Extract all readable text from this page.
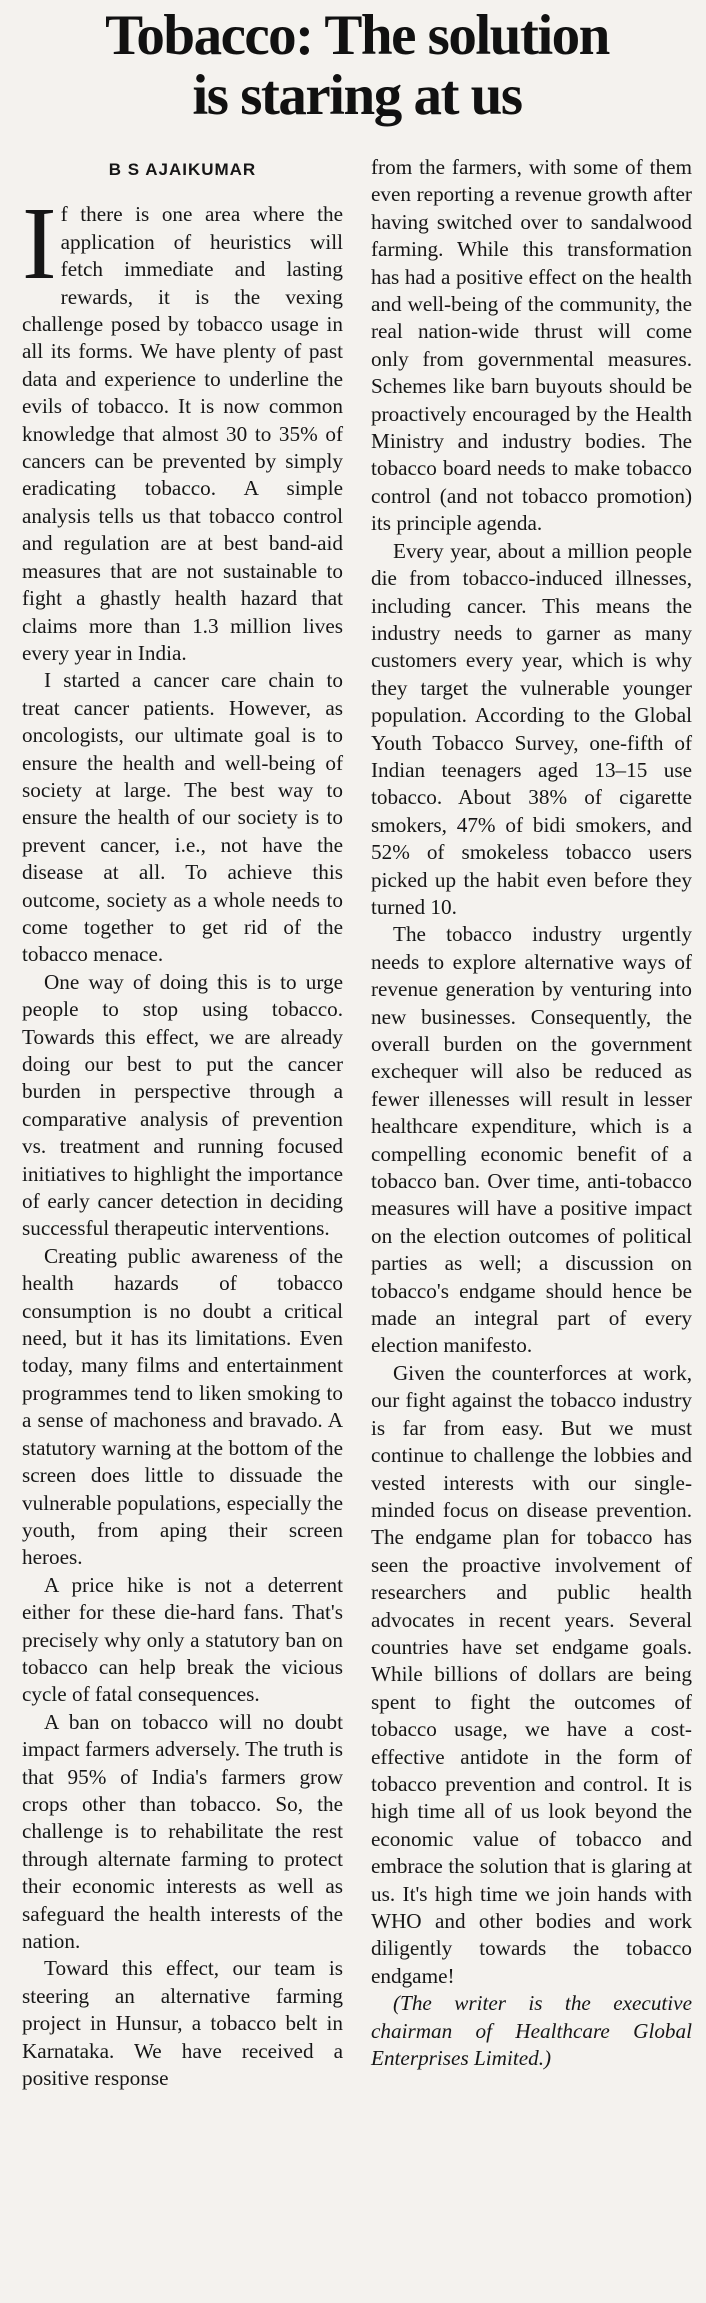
Tobacco: The solution
is staring at us
B S AJAIKUMAR

If there is one area where the application of heuristics will fetch immediate and lasting rewards, it is the vexing challenge posed by tobacco usage in all its forms. We have plenty of past data and experience to underline the evils of tobacco. It is now common knowledge that almost 30 to 35% of cancers can be prevented by simply eradicating tobacco. A simple analysis tells us that tobacco control and regulation are at best band-aid measures that are not sustainable to fight a ghastly health hazard that claims more than 1.3 million lives every year in India.

I started a cancer care chain to treat cancer patients. However, as oncologists, our ultimate goal is to ensure the health and well-being of society at large. The best way to ensure the health of our society is to prevent cancer, i.e., not have the disease at all. To achieve this outcome, society as a whole needs to come together to get rid of the tobacco menace.

One way of doing this is to urge people to stop using tobacco. Towards this effect, we are already doing our best to put the cancer burden in perspective through a comparative analysis of prevention vs. treatment and running focused initiatives to highlight the importance of early cancer detection in deciding successful therapeutic interventions.

Creating public awareness of the health hazards of tobacco consumption is no doubt a critical need, but it has its limitations. Even today, many films and entertainment programmes tend to liken smoking to a sense of machoness and bravado. A statutory warning at the bottom of the screen does little to dissuade the vulnerable populations, especially the youth, from aping their screen heroes.

A price hike is not a deterrent either for these die-hard fans. That's precisely why only a statutory ban on tobacco can help break the vicious cycle of fatal consequences.

A ban on tobacco will no doubt impact farmers adversely. The truth is that 95% of India's farmers grow crops other than tobacco. So, the challenge is to rehabilitate the rest through alternate farming to protect their economic interests as well as safeguard the health interests of the nation.

Toward this effect, our team is steering an alternative farming project in Hunsur, a tobacco belt in Karnataka. We have received a positive response

from the farmers, with some of them even reporting a revenue growth after having switched over to sandalwood farming. While this transformation has had a positive effect on the health and well-being of the community, the real nation-wide thrust will come only from governmental measures. Schemes like barn buyouts should be proactively encouraged by the Health Ministry and industry bodies. The tobacco board needs to make tobacco control (and not tobacco promotion) its principle agenda.

Every year, about a million people die from tobacco-induced illnesses, including cancer. This means the industry needs to garner as many customers every year, which is why they target the vulnerable younger population. According to the Global Youth Tobacco Survey, one-fifth of Indian teenagers aged 13–15 use tobacco. About 38% of cigarette smokers, 47% of bidi smokers, and 52% of smokeless tobacco users picked up the habit even before they turned 10.

The tobacco industry urgently needs to explore alternative ways of revenue generation by venturing into new businesses. Consequently, the overall burden on the government exchequer will also be reduced as fewer illenesses will result in lesser healthcare expenditure, which is a compelling economic benefit of a tobacco ban. Over time, anti-tobacco measures will have a positive impact on the election outcomes of political parties as well; a discussion on tobacco's endgame should hence be made an integral part of every election manifesto.

Given the counterforces at work, our fight against the tobacco industry is far from easy. But we must continue to challenge the lobbies and vested interests with our single-minded focus on disease prevention. The endgame plan for tobacco has seen the proactive involvement of researchers and public health advocates in recent years. Several countries have set endgame goals. While billions of dollars are being spent to fight the outcomes of tobacco usage, we have a cost-effective antidote in the form of tobacco prevention and control. It is high time all of us look beyond the economic value of tobacco and embrace the solution that is glaring at us. It's high time we join hands with WHO and other bodies and work diligently towards the tobacco endgame!

(The writer is the executive chairman of Healthcare Global Enterprises Limited.)
